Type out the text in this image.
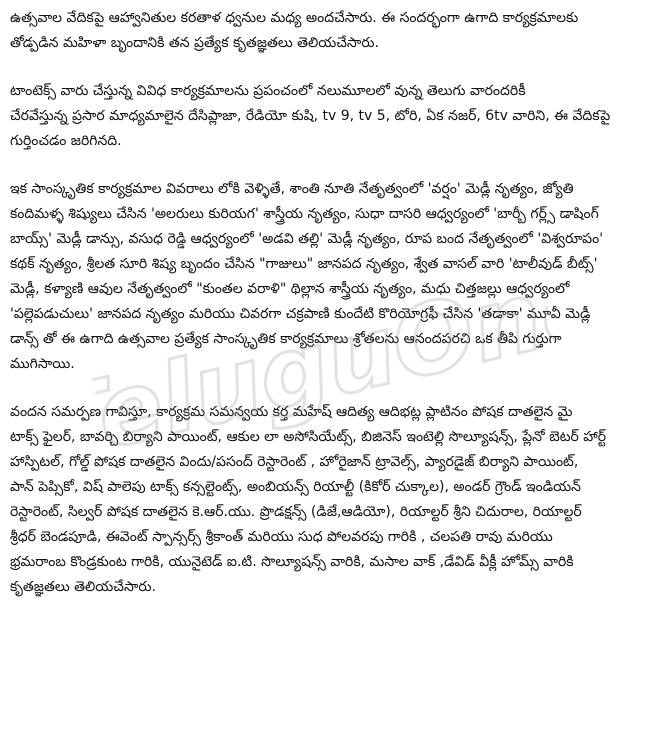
ఉత్సవాల వేదికపై ఆహ్వానితుల కరతాళ ధ్వనుల మధ్య అందచేసారు. ఈ సందర్భంగా ఉగాది కార్యక్రమాలకు
తోడ్పడిన మహిళా బృందానికి తన ప్రత్యేక కృతజ్ఞతలు తెలియచేసారు.
టాంటెక్స్ వారు చేస్తున్న వివిధ కార్యక్రమాలను ప్రపంచంలో నలుమూలలో వున్న తెలుగు వారందరికీ
చేరవేస్తున్న ప్రసార మాధ్యమాలైన దేసిప్లాజా, రేడియో కుషి, tv 9, tv 5, టోరి, ఏక నజర్, 6tv వారిని, ఈ వేదికపై
గుర్తించడం జరిగినది.
ఇక సాంస్కృతిక కార్యక్రమాల వివరాలు లోకి వెళ్ళితే, శాంతి నూతి నేతృత్వంలో 'వర్షం' మెడ్లీ నృత్యం, జ్యోతి
కందిమళ్ళ శిష్యులు చేసిన 'అలరులు కురియగ' శాస్త్రీయ నృత్యం, సుధా దాసరి ఆధ్వర్యంలో 'బార్బీ గర్ల్స్ డాషింగ్
బాయ్స్' మెడ్లీ డాన్సు, వసుధ రెడ్డి ఆధ్వర్యంలో 'అడవి తల్లి' మెడ్లీ నృత్యం, రూప బంద నేతృత్వంలో 'విశ్వరూపం'
కథక్ నృత్యం, శ్రీలత సూరి శిష్య బృందం చేసిన "గాజులు" జానపద నృత్యం, శ్వేత వాసల్ వారి 'టాలీవుడ్ బీట్స్'
మెడ్లీ, కళ్యాణి ఆవుల నేతృత్వంలో "కుంతల వరాళి" థిల్లాన శాస్త్రీయ నృత్యం, మధు చిత్తజల్లు ఆధ్వర్యంలో
'పల్లెపడుచులు' జానపద నృత్యం మరియు చివరగా చక్రపాణి కుందేటి కొరియోగ్రఫీ చేసిన 'తడాకా' మూవీ మెడ్లీ
డాన్స్ తో ఈ ఉగాది ఉత్సవాల ప్రత్యేక సాంస్కృతిక కార్యక్రమాలు శ్రోతలను ఆనందపరచి ఒక తీపి గుర్తుగా
ముగిసాయి.
వందన సమర్పణ గావిస్తూ, కార్యక్రమ సమన్వయ కర్త మహేష్ ఆదిత్య ఆదిభట్ల ప్లాటినం పోషక దాతలైన మై
టాక్స్ ఫైలర్, బావర్చి బిర్యాని పాయింట్, ఆకుల లా అసోసియేట్స్, బిజినెస్ ఇంటెల్లి సొల్యూషన్స్, ప్లేనో బెటర్ హార్ట్
హాస్పిటల్, గోల్డ్ పోషక దాతలైన విందు/పసంద్ రెస్టారెంట్ , హోరైజాన్ ట్రావెల్స్, ప్యారడైజ్ బిర్యాని పాయింట్,
పాన్ పెప్సికో, విష్ పాలెపు టాక్స్ కన్సల్టెంట్స్, అంబియన్స్ రియాల్టీ (కికోర్ చుక్కాల), అండర్ గ్రౌండ్ ఇండియన్
రెస్టారెంట్, సిల్వర్ పోషక దాతలైన కె.ఆర్.యు. ప్రొడక్షన్స్ (డిజే,ఆడియో), రియాల్టర్ శ్రీని చిదురాల, రియాల్టర్
శ్రీధర్ బెండపూడి, ఈవెంట్ స్పాన్సర్స్ శ్రీకాంత్ మరియు సుధ పోలవరపు గారికి , చలపతి రావు మరియు
భ్రమరాంబ కొండ్రకుంట గారికి, యునైటెడ్ ఐ.టి. సొల్యూషన్స్ వారికి, మసాల వాక్ ,డేవిడ్ వీక్లీ హోమ్స్ వారికి
కృతజ్ఞతలు తెలియచేసారు.
TeluguOne
